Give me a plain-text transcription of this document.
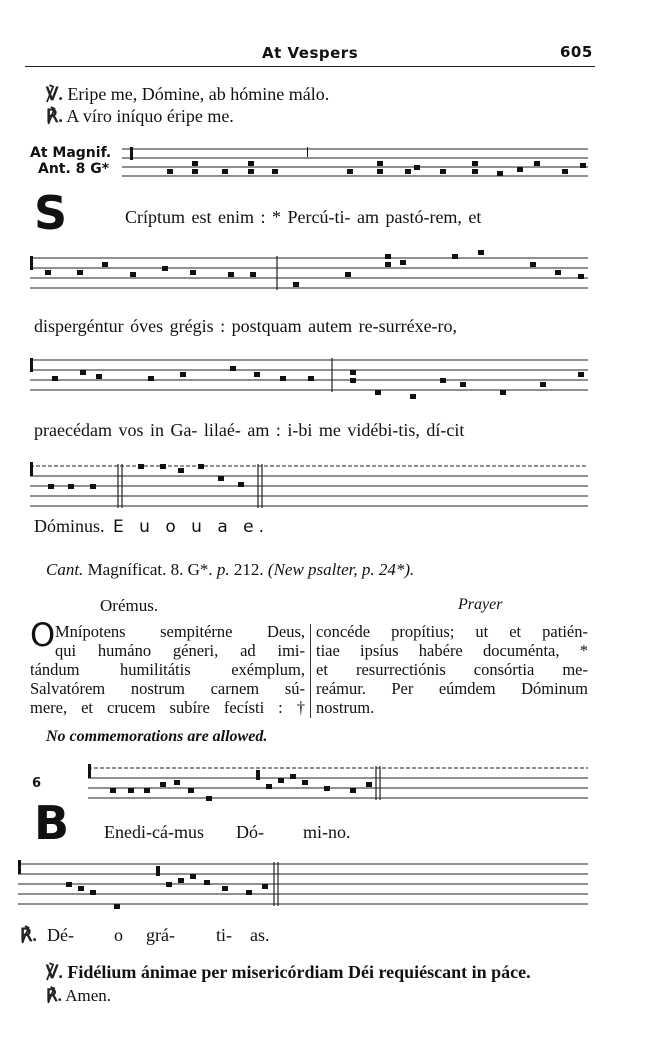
At Vespers	605
℣. Eripe me, Dómine, ab hómine málo.
℟. A víro iníquo éripe me.
At Magnif.
Ant. 8 G*
S	Críptum est enim : * Percú-ti- am pastó-rem, et
dispergéntur óves grégis : postquam autem re-surréxe-ro,
praecédam vos in Ga- lilaé- am : i-bi me vidébi-tis, dí-cit
Dóminus. E u o u a e.
Cant. Magníficat. 8. G*. p. 212. (New psalter, p. 24*).
Orémus.	Prayer
O Mnípotens sempitérne Deus,
qui humáno géneri, ad imi-
tándum humilitátis exémplum,
Salvatórem nostrum carnem sú-
mere, et crucem subíre fecísti : †
concéde propítius; ut et patién-
tiae ipsíus habére documénta, *
et resurrectiónis consórtia me-
reámur. Per eúmdem Dóminum
nostrum.
No commemorations are allowed.
6
B Enedi-cá-mus Dó- mi-no.
℟. Dé- o grá- ti- as.
℣. Fidélium ánimae per misericórdiam Déi requiéscant in páce.
℟. Amen.
